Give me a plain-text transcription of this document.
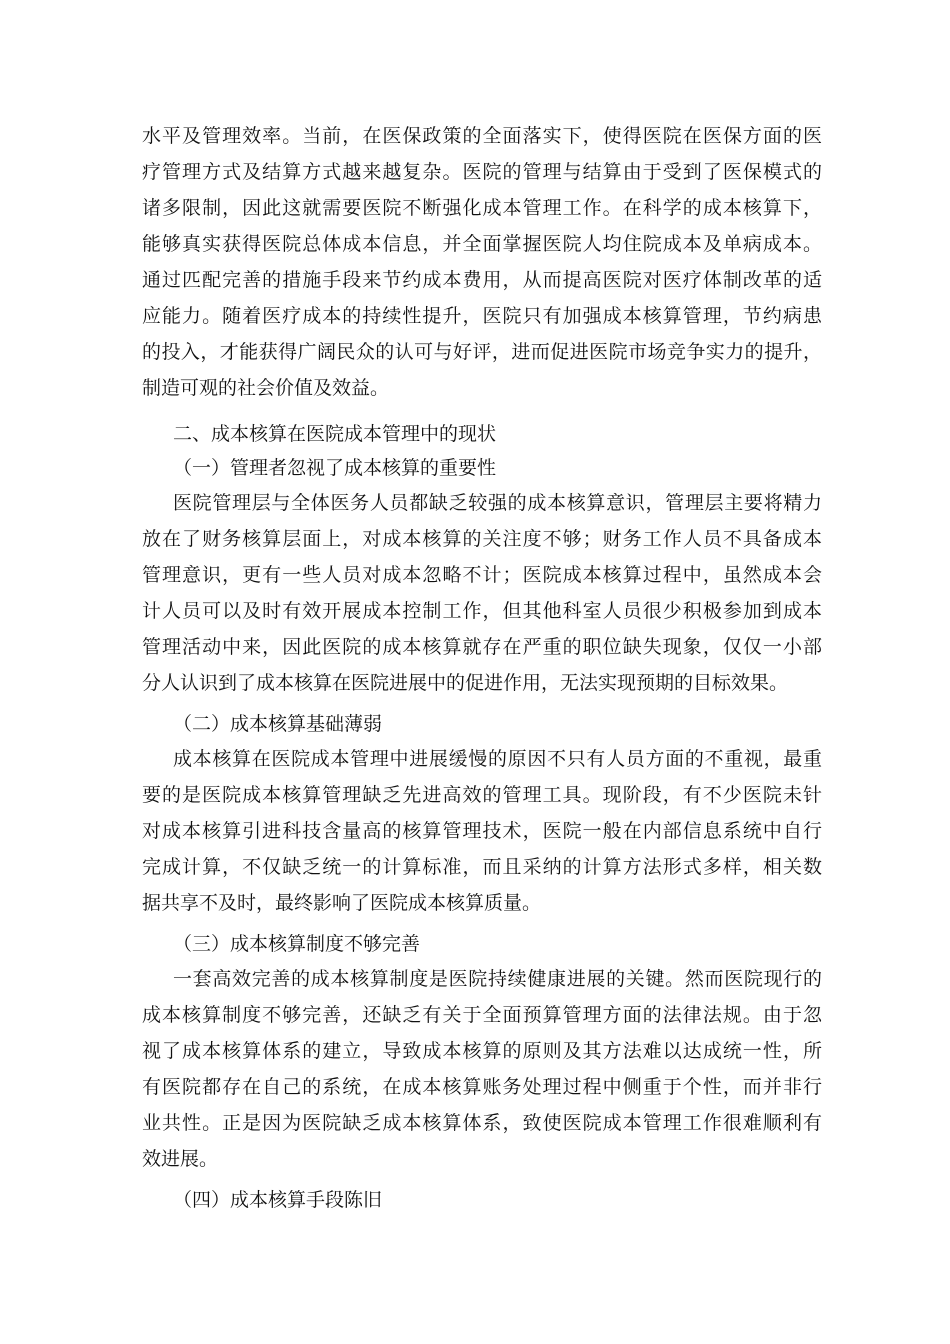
水平及管理效率。当前，在医保政策的全面落实下，使得医院在医保方面的医
疗管理方式及结算方式越来越复杂。医院的管理与结算由于受到了医保模式的
诸多限制，因此这就需要医院不断强化成本管理工作。在科学的成本核算下，
能够真实获得医院总体成本信息，并全面掌握医院人均住院成本及单病成本。
通过匹配完善的措施手段来节约成本费用，从而提高医院对医疗体制改革的适
应能力。随着医疗成本的持续性提升，医院只有加强成本核算管理，节约病患
的投入，才能获得广阔民众的认可与好评，进而促进医院市场竞争实力的提升，
制造可观的社会价值及效益。
二、成本核算在医院成本管理中的现状
（一）管理者忽视了成本核算的重要性
医院管理层与全体医务人员都缺乏较强的成本核算意识，管理层主要将精力
放在了财务核算层面上，对成本核算的关注度不够；财务工作人员不具备成本
管理意识，更有一些人员对成本忽略不计；医院成本核算过程中，虽然成本会
计人员可以及时有效开展成本控制工作，但其他科室人员很少积极参加到成本
管理活动中来，因此医院的成本核算就存在严重的职位缺失现象，仅仅一小部
分人认识到了成本核算在医院进展中的促进作用，无法实现预期的目标效果。
（二）成本核算基础薄弱
成本核算在医院成本管理中进展缓慢的原因不只有人员方面的不重视，最重
要的是医院成本核算管理缺乏先进高效的管理工具。现阶段，有不少医院未针
对成本核算引进科技含量高的核算管理技术，医院一般在内部信息系统中自行
完成计算，不仅缺乏统一的计算标准，而且采纳的计算方法形式多样，相关数
据共享不及时，最终影响了医院成本核算质量。
（三）成本核算制度不够完善
一套高效完善的成本核算制度是医院持续健康进展的关键。然而医院现行的
成本核算制度不够完善，还缺乏有关于全面预算管理方面的法律法规。由于忽
视了成本核算体系的建立，导致成本核算的原则及其方法难以达成统一性，所
有医院都存在自己的系统，在成本核算账务处理过程中侧重于个性，而并非行
业共性。正是因为医院缺乏成本核算体系，致使医院成本管理工作很难顺利有
效进展。
（四）成本核算手段陈旧
